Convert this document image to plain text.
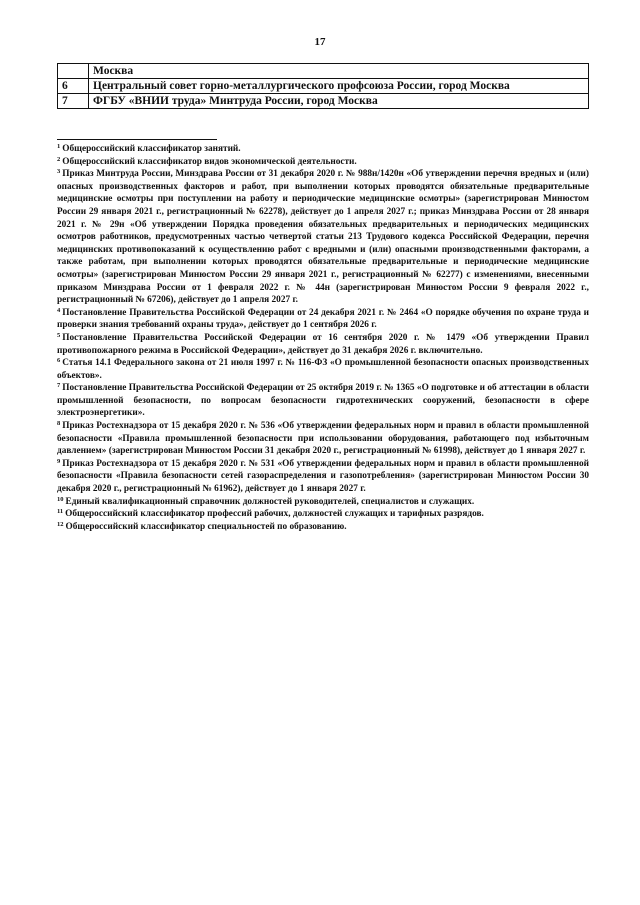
17
	Москва
6	Центральный совет горно-металлургического профсоюза России, город Москва
7	ФГБУ «ВНИИ труда» Минтруда России, город Москва

$^1$ Общероссийский классификатор занятий.

$^2$ Общероссийский классификатор видов экономической деятельности.

$^3$ Приказ Минтруда России, Минздрава России от 31 декабря 2020 г. № 988н/1420н «Об утверждении перечня вредных и (или) опасных производственных факторов и работ, при выполнении которых проводятся обязательные предварительные медицинские осмотры при поступлении на работу и периодические медицинские осмотры» (зарегистрирован Минюстом России 29 января 2021 г., регистрационный № 62278), действует до 1 апреля 2027 г.; приказ Минздрава России от 28 января 2021 г. № 29н «Об утверждении Порядка проведения обязательных предварительных и периодических медицинских осмотров работников, предусмотренных частью четвертой статьи 213 Трудового кодекса Российской Федерации, перечня медицинских противопоказаний к осуществлению работ с вредными и (или) опасными производственными факторами, а также работам, при выполнении которых проводятся обязательные предварительные и периодические медицинские осмотры» (зарегистрирован Минюстом России 29 января 2021 г., регистрационный № 62277) с изменениями, внесенными приказом Минздрава России от 1 февраля 2022 г. № 44н (зарегистрирован Минюстом России 9 февраля 2022 г., регистрационный № 67206), действует до 1 апреля 2027 г.

$^4$ Постановление Правительства Российской Федерации от 24 декабря 2021 г. № 2464 «О порядке обучения по охране труда и проверки знания требований охраны труда», действует до 1 сентября 2026 г.

$^5$ Постановление Правительства Российской Федерации от 16 сентября 2020 г. № 1479 «Об утверждении Правил противопожарного режима в Российской Федерации», действует до 31 декабря 2026 г. включительно.

$^6$ Статья 14.1 Федерального закона от 21 июля 1997 г. № 116-ФЗ «О промышленной безопасности опасных производственных объектов».

$^7$ Постановление Правительства Российской Федерации от 25 октября 2019 г. № 1365 «О подготовке и об аттестации в области промышленной безопасности, по вопросам безопасности гидротехнических сооружений, безопасности в сфере электроэнергетики».

$^8$ Приказ Ростехнадзора от 15 декабря 2020 г. № 536 «Об утверждении федеральных норм и правил в области промышленной безопасности «Правила промышленной безопасности при использовании оборудования, работающего под избыточным давлением» (зарегистрирован Минюстом России 31 декабря 2020 г., регистрационный № 61998), действует до 1 января 2027 г.

$^9$ Приказ Ростехнадзора от 15 декабря 2020 г. № 531 «Об утверждении федеральных норм и правил в области промышленной безопасности «Правила безопасности сетей газораспределения и газопотребления» (зарегистрирован Минюстом России 30 декабря 2020 г., регистрационный № 61962), действует до 1 января 2027 г.

$^{10}$ Единый квалификационный справочник должностей руководителей, специалистов и служащих.

$^{11}$ Общероссийский классификатор профессий рабочих, должностей служащих и тарифных разрядов.

$^{12}$ Общероссийский классификатор специальностей по образованию.
